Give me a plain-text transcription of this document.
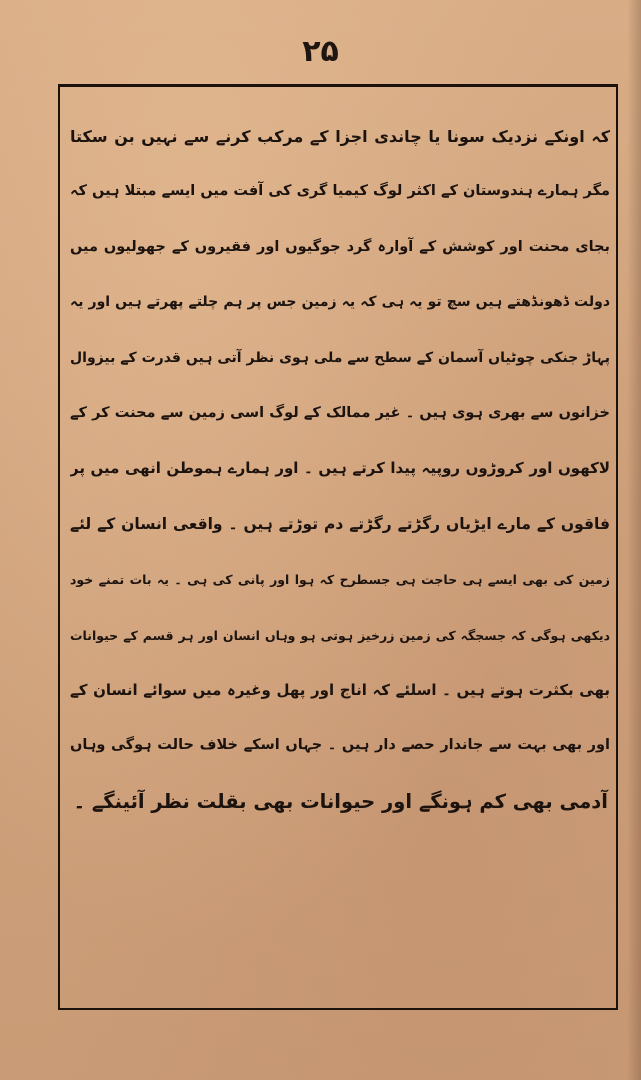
۲۵
کہ اونکے نزدیک سونا یا چاندی اجزا کے مرکب کرنے سے نہیں بن سکتا
مگر ہمارے ہندوستان کے اکثر لوگ کیمیا گری کی آفت میں ایسے مبتلا ہیں کہ
بجای محنت اور کوشش کے آوارہ گرد جوگیوں اور فقیروں کے جھولیوں میں
دولت ڈھونڈھتے ہیں سچ تو یہ ہی کہ یہ زمین جس پر ہم چلتے پھرتے ہیں اور یہ
پہاڑ جنکی چوٹیاں آسمان کے سطح سے ملی ہوی نظر آتی ہیں قدرت کے بیزوال
خزانوں سے بھری ہوی ہیں ۔ غیر ممالک کے لوگ اسی زمین سے محنت کر کے
لاکھوں اور کروڑوں روپیہ پیدا کرتے ہیں ۔ اور ہمارے ہموطن انھی میں پر
فاقوں کے مارے ایڑیاں رگڑتے رگڑتے دم توڑتے ہیں ۔ واقعی انسان کے لئے
زمین کی بھی ایسے ہی حاجت ہی جسطرح کہ ہوا اور پانی کی ہی ۔ یہ بات تمنے خود
دیکھی ہوگی کہ جسجگہ کی زمین زرخیز ہوتی ہو وہاں انسان اور ہر قسم کے حیوانات
بھی بکثرت ہوتے ہیں ۔ اسلئے کہ اناج اور پھل وغیرہ میں سوائے انسان کے
اور بھی بہت سے جاندار حصے دار ہیں ۔ جہاں اسکے خلاف حالت ہوگی وہاں
آدمی بھی کم ہونگے اور حیوانات بھی بقلت نظر آئینگے ۔
